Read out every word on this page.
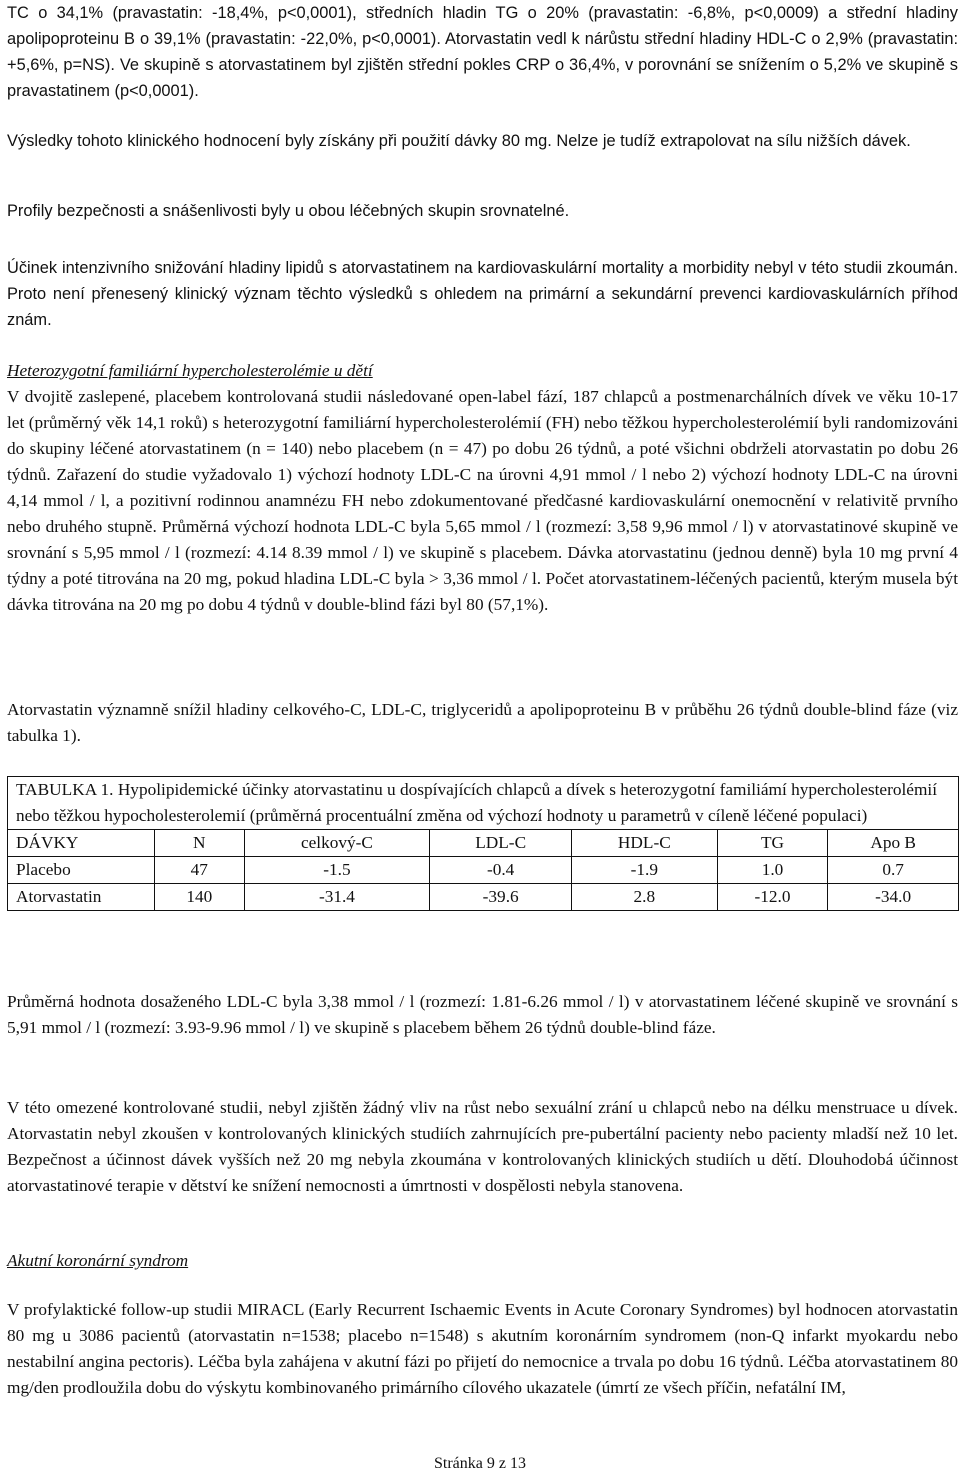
TC o 34,1% (pravastatin: -18,4%, p<0,0001), středních hladin TG o 20% (pravastatin: -6,8%, p<0,0009) a střední hladiny apolipoproteinu B o 39,1% (pravastatin: -22,0%, p<0,0001). Atorvastatin vedl k nárůstu střední hladiny HDL-C o 2,9% (pravastatin: +5,6%, p=NS). Ve skupině s atorvastatinem byl zjištěn střední pokles CRP o 36,4%, v porovnání se snížením o 5,2% ve skupině s pravastatinem (p<0,0001).

Výsledky tohoto klinického hodnocení byly získány při použití dávky 80 mg. Nelze je tudíž extrapolovat na sílu nižších dávek.

Profily bezpečnosti a snášenlivosti byly u obou léčebných skupin srovnatelné.

Účinek intenzivního snižování hladiny lipidů s atorvastatinem na kardiovaskulární mortality a morbidity nebyl v této studii zkoumán. Proto není přenesený klinický význam těchto výsledků s ohledem na primární a sekundární prevenci kardiovaskulárních příhod znám.

Heterozygotní familiární hypercholesterolémie u dětí

V dvojitě zaslepené, placebem kontrolovaná studii následované open-label fází, 187 chlapců a postmenarchálních dívek ve věku 10-17 let (průměrný věk 14,1 roků) s heterozygotní familiární hypercholesterolémií (FH) nebo těžkou hypercholesterolémií byli randomizováni do skupiny léčené atorvastatinem (n = 140) nebo placebem (n = 47) po dobu 26 týdnů, a poté všichni obdrželi atorvastatin po dobu 26 týdnů. Zařazení do studie vyžadovalo 1) výchozí hodnoty LDL-C na úrovni 4,91 mmol / l nebo 2) výchozí hodnoty LDL-C na úrovni 4,14 mmol / l, a pozitivní rodinnou anamnézu FH nebo zdokumentované předčasné kardiovaskulární onemocnění v relativitě prvního nebo druhého stupně. Průměrná výchozí hodnota LDL-C byla 5,65 mmol / l (rozmezí: 3,58 9,96 mmol / l) v atorvastatinové skupině ve srovnání s 5,95 mmol / l (rozmezí: 4.14 8.39 mmol / l) ve skupině s placebem. Dávka atorvastatinu (jednou denně) byla 10 mg první 4 týdny a poté titrována na 20 mg, pokud hladina LDL-C byla > 3,36 mmol / l. Počet atorvastatinem-léčených pacientů, kterým musela být dávka titrována na 20 mg po dobu 4 týdnů v double-blind fázi byl 80 (57,1%).

Atorvastatin významně snížil hladiny celkového-C, LDL-C, triglyceridů a apolipoproteinu B v průběhu 26 týdnů double-blind fáze (viz tabulka 1).

TABULKA 1. Hypolipidemické účinky atorvastatinu u dospívajících chlapců a dívek s heterozygotní familiámí hypercholesterolémií nebo těžkou hypocholesterolemií (průměrná procentuální změna od výchozí hodnoty u parametrů v cíleně léčené populaci)
DÁVKY	N	celkový-C	LDL-C	HDL-C	TG	Apo B
Placebo	47	-1.5	-0.4	-1.9	1.0	0.7
Atorvastatin	140	-31.4	-39.6	2.8	-12.0	-34.0

Průměrná hodnota dosaženého LDL-C byla 3,38 mmol / l (rozmezí: 1.81-6.26 mmol / l) v atorvastatinem léčené skupině ve srovnání s 5,91 mmol / l (rozmezí: 3.93-9.96 mmol / l) ve skupině s placebem během 26 týdnů double-blind fáze.

V této omezené kontrolované studii, nebyl zjištěn žádný vliv na růst nebo sexuální zrání u chlapců nebo na délku menstruace u dívek. Atorvastatin nebyl zkoušen v kontrolovaných klinických studiích zahrnujících pre-pubertální pacienty nebo pacienty mladší než 10 let. Bezpečnost a účinnost dávek vyšších než 20 mg nebyla zkoumána v kontrolovaných klinických studiích u dětí. Dlouhodobá účinnost atorvastatinové terapie v dětství ke snížení nemocnosti a úmrtnosti v dospělosti nebyla stanovena.

Akutní koronární syndrom

V profylaktické follow-up studii MIRACL (Early Recurrent Ischaemic Events in Acute Coronary Syndromes) byl hodnocen atorvastatin 80 mg u 3086 pacientů (atorvastatin n=1538; placebo n=1548) s akutním koronárním syndromem (non-Q infarkt myokardu nebo nestabilní angina pectoris). Léčba byla zahájena v akutní fázi po přijetí do nemocnice a trvala po dobu 16 týdnů. Léčba atorvastatinem 80 mg/den prodloužila dobu do výskytu kombinovaného primárního cílového ukazatele (úmrtí ze všech příčin, nefatální IM,

Stránka 9 z 13
